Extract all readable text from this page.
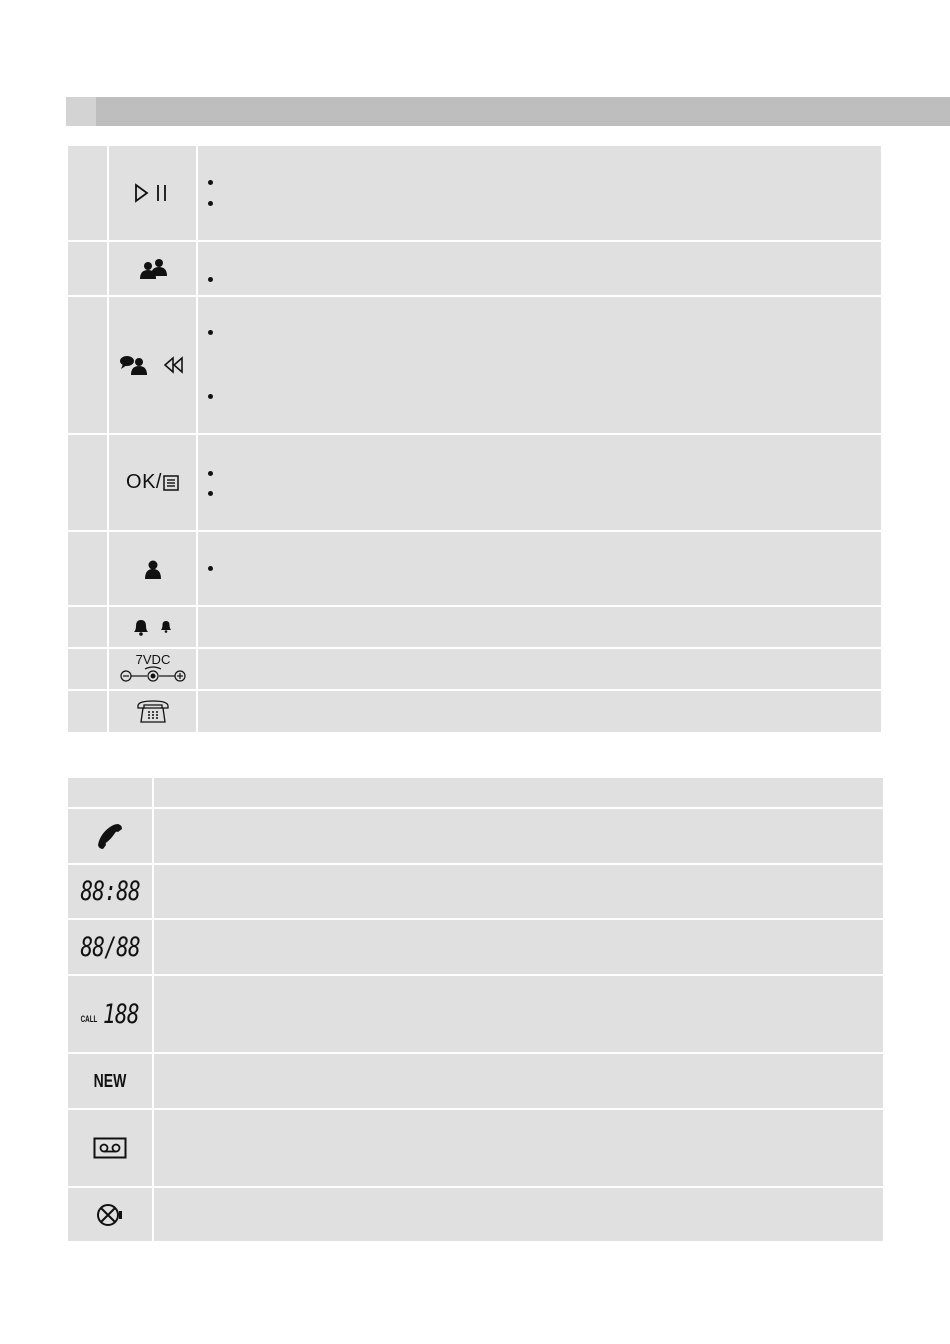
OK/
7VDC
88:88
88/88
CALL 188
NEW
